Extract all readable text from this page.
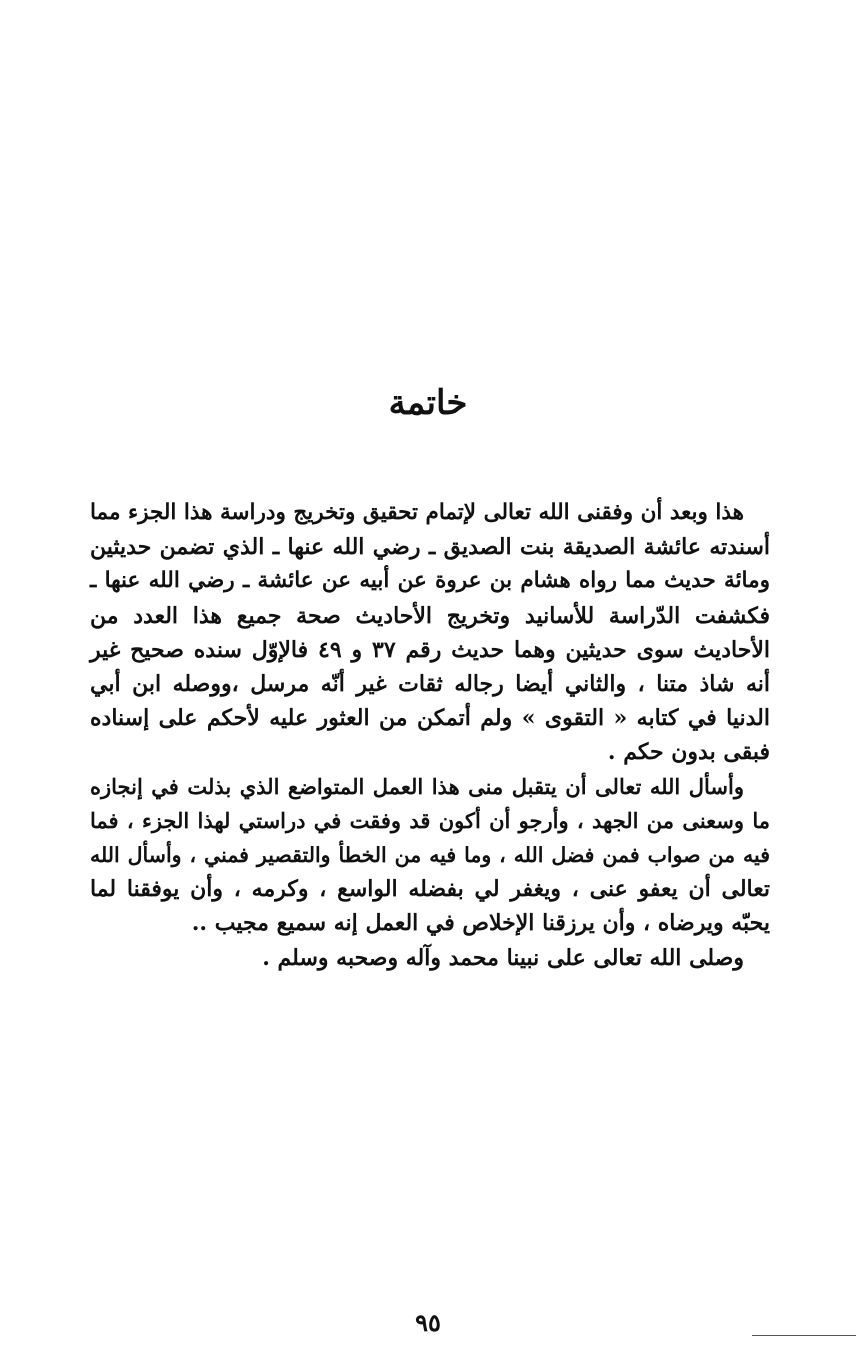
خاتمة

هذا وبعد أن وفقنى الله تعالى لإتمام تحقيق وتخريج ودراسة هذا الجزء مما
أسندته عائشة الصديقة بنت الصديق ـ رضي الله عنها ـ الذي تضمن حديثين
ومائة حديث مما رواه هشام بن عروة عن أبيه عن عائشة ـ رضي الله عنها ـ
فكشفت الدّراسة للأسانيد وتخريج الأحاديث صحة جميع هذا العدد من
الأحاديث سوى حديثين وهما حديث رقم ٣٧ و ٤٩ فالإوّل سنده صحيح غير
أنه شاذ متنا ، والثاني أيضا رجاله ثقات غير أنّه مرسل ،ووصله ابن أبي
الدنيا في كتابه « التقوى » ولم أتمكن من العثور عليه لأحكم على إسناده
فبقى بدون حكم .

وأسأل الله تعالى أن يتقبل منى هذا العمل المتواضع الذي بذلت في إنجازه
ما وسعنى من الجهد ، وأرجو أن أكون قد وفقت في دراستي لهذا الجزء ، فما
فيه من صواب فمن فضل الله ، وما فيه من الخطأ والتقصير فمني ، وأسأل الله
تعالى أن يعفو عنى ، ويغفر لي بفضله الواسع ، وكرمه ، وأن يوفقنا لما
يحبّه ويرضاه ، وأن يرزقنا الإخلاص في العمل إنه سميع مجيب ..

وصلى الله تعالى على نبينا محمد وآله وصحبه وسلم .

٩٥
